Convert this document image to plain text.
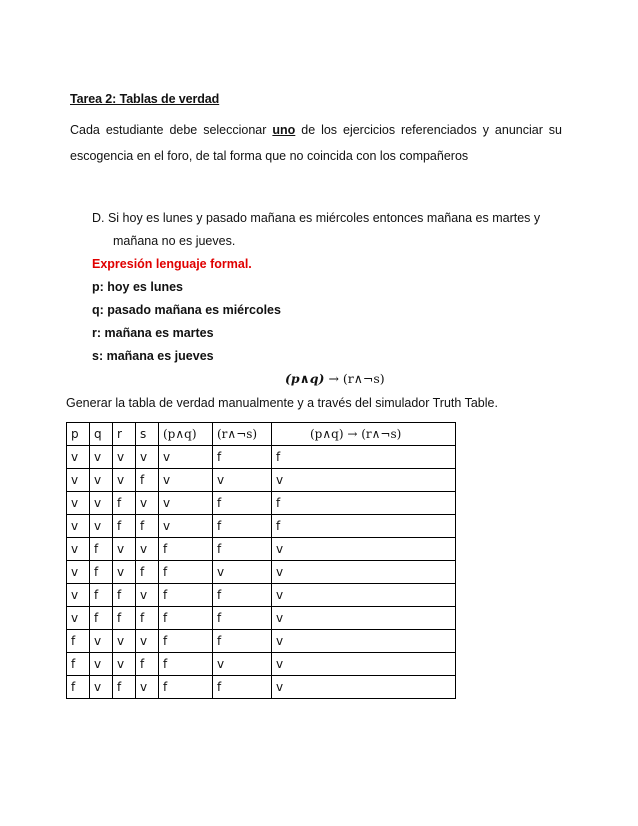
Tarea 2: Tablas de verdad
Cada estudiante debe seleccionar uno de los ejercicios referenciados y anunciar su
escogencia en el foro, de tal forma que no coincida con los compañeros
D. Si hoy es lunes y pasado mañana es miércoles entonces mañana es martes y
mañana no es jueves.
Expresión lenguaje formal.
p: hoy es lunes
q: pasado mañana es miércoles
r: mañana es martes
s: mañana es jueves
(p∧q) → (r∧¬s)
Generar la tabla de verdad manualmente y a través del simulador Truth Table.
p	q	r	s	(p∧q)	(r∧¬s)	(p∧q) → (r∧¬s)
v	v	v	v	v	f	f
v	v	v	f	v	v	v
v	v	f	v	v	f	f
v	v	f	f	v	f	f
v	f	v	v	f	f	v
v	f	v	f	f	v	v
v	f	f	v	f	f	v
v	f	f	f	f	f	v
f	v	v	v	f	f	v
f	v	v	f	f	v	v
f	v	f	v	f	f	v
